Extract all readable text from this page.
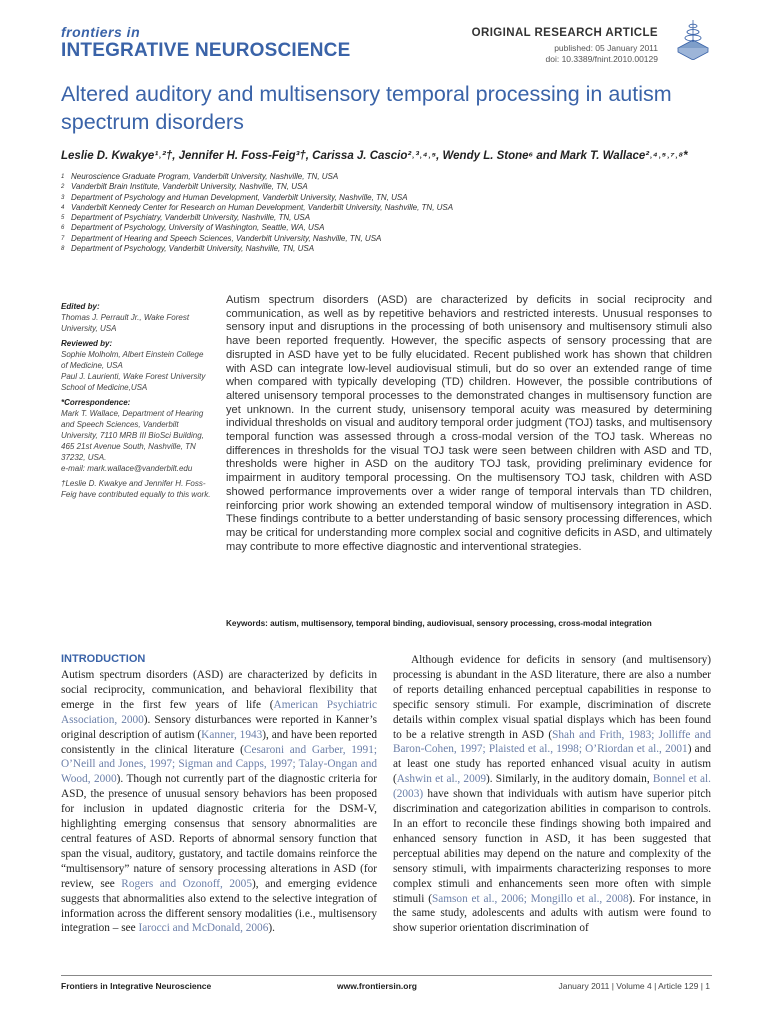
frontiers in
INTEGRATIVE NEUROSCIENCE
ORIGINAL RESEARCH ARTICLE
published: 05 January 2011
doi: 10.3389/fnint.2010.00129
Altered auditory and multisensory temporal processing in autism spectrum disorders
Leslie D. Kwakye¹˒²†, Jennifer H. Foss-Feig³†, Carissa J. Cascio²˒³˒⁴˒⁵, Wendy L. Stone⁶ and Mark T. Wallace²˒⁴˒⁵˒⁷˒⁸*
1 Neuroscience Graduate Program, Vanderbilt University, Nashville, TN, USA
2 Vanderbilt Brain Institute, Vanderbilt University, Nashville, TN, USA
3 Department of Psychology and Human Development, Vanderbilt University, Nashville, TN, USA
4 Vanderbilt Kennedy Center for Research on Human Development, Vanderbilt University, Nashville, TN, USA
5 Department of Psychiatry, Vanderbilt University, Nashville, TN, USA
6 Department of Psychology, University of Washington, Seattle, WA, USA
7 Department of Hearing and Speech Sciences, Vanderbilt University, Nashville, TN, USA
8 Department of Psychology, Vanderbilt University, Nashville, TN, USA
Edited by:
Thomas J. Perrault Jr., Wake Forest University, USA
Reviewed by:
Sophie Molholm, Albert Einstein College of Medicine, USA
Paul J. Laurienti, Wake Forest University School of Medicine,USA
*Correspondence:
Mark T. Wallace, Department of Hearing and Speech Sciences, Vanderbilt University, 7110 MRB III BioSci Building, 465 21st Avenue South, Nashville, TN 37232, USA.
e-mail: mark.wallace@vanderbilt.edu
†Leslie D. Kwakye and Jennifer H. Foss-Feig have contributed equally to this work.
Autism spectrum disorders (ASD) are characterized by deficits in social reciprocity and communication, as well as by repetitive behaviors and restricted interests. Unusual responses to sensory input and disruptions in the processing of both unisensory and multisensory stimuli also have been reported frequently. However, the specific aspects of sensory processing that are disrupted in ASD have yet to be fully elucidated. Recent published work has shown that children with ASD can integrate low-level audiovisual stimuli, but do so over an extended range of time when compared with typically developing (TD) children. However, the possible contributions of altered unisensory temporal processes to the demonstrated changes in multisensory function are yet unknown. In the current study, unisensory temporal acuity was measured by determining individual thresholds on visual and auditory temporal order judgment (TOJ) tasks, and multisensory temporal function was assessed through a cross-modal version of the TOJ task. Whereas no differences in thresholds for the visual TOJ task were seen between children with ASD and TD, thresholds were higher in ASD on the auditory TOJ task, providing preliminary evidence for impairment in auditory temporal processing. On the multisensory TOJ task, children with ASD showed performance improvements over a wider range of temporal intervals than TD children, reinforcing prior work showing an extended temporal window of multisensory integration in ASD. These findings contribute to a better understanding of basic sensory processing differences, which may be critical for understanding more complex social and cognitive deficits in ASD, and ultimately may contribute to more effective diagnostic and interventional strategies.
Keywords: autism, multisensory, temporal binding, audiovisual, sensory processing, cross-modal integration
INTRODUCTION

Autism spectrum disorders (ASD) are characterized by deficits in social reciprocity, communication, and behavioral flexibility that emerge in the first few years of life (American Psychiatric Association, 2000). Sensory disturbances were reported in Kanner’s original description of autism (Kanner, 1943), and have been reported consistently in the clinical literature (Cesaroni and Garber, 1991; O’Neill and Jones, 1997; Sigman and Capps, 1997; Talay-Ongan and Wood, 2000). Though not currently part of the diagnostic criteria for ASD, the presence of unusual sensory behaviors has been proposed for inclusion in updated diagnostic criteria for the DSM-V, highlighting emerging consensus that sensory abnormalities are central features of ASD. Reports of abnormal sensory function that span the visual, auditory, gustatory, and tactile domains reinforce the “multisensory” nature of sensory processing alterations in ASD (for review, see Rogers and Ozonoff, 2005), and emerging evidence suggests that abnormalities also extend to the selective integration of information across the different sensory modalities (i.e., multisensory integration – see Iarocci and McDonald, 2006).

Although evidence for deficits in sensory (and multisensory) processing is abundant in the ASD literature, there are also a number of reports detailing enhanced perceptual capabilities in response to specific sensory stimuli. For example, discrimination of discrete details within complex visual spatial displays which has been found to be a relative strength in ASD (Shah and Frith, 1983; Jolliffe and Baron-Cohen, 1997; Plaisted et al., 1998; O’Riordan et al., 2001) and at least one study has reported enhanced visual acuity in autism (Ashwin et al., 2009). Similarly, in the auditory domain, Bonnel et al. (2003) have shown that individuals with autism have superior pitch discrimination and categorization abilities in comparison to controls. In an effort to reconcile these findings showing both impaired and enhanced sensory function in ASD, it has been suggested that perceptual abilities may depend on the nature and complexity of the sensory stimuli, with impairments characterizing responses to more complex stimuli and enhancements seen more often with simple stimuli (Samson et al., 2006; Mongillo et al., 2008). For instance, in the same study, adolescents and adults with autism were found to show superior orientation discrimination of

Frontiers in Integrative Neuroscience	www.frontiersin.org	January 2011 | Volume 4 | Article 129 | 1
